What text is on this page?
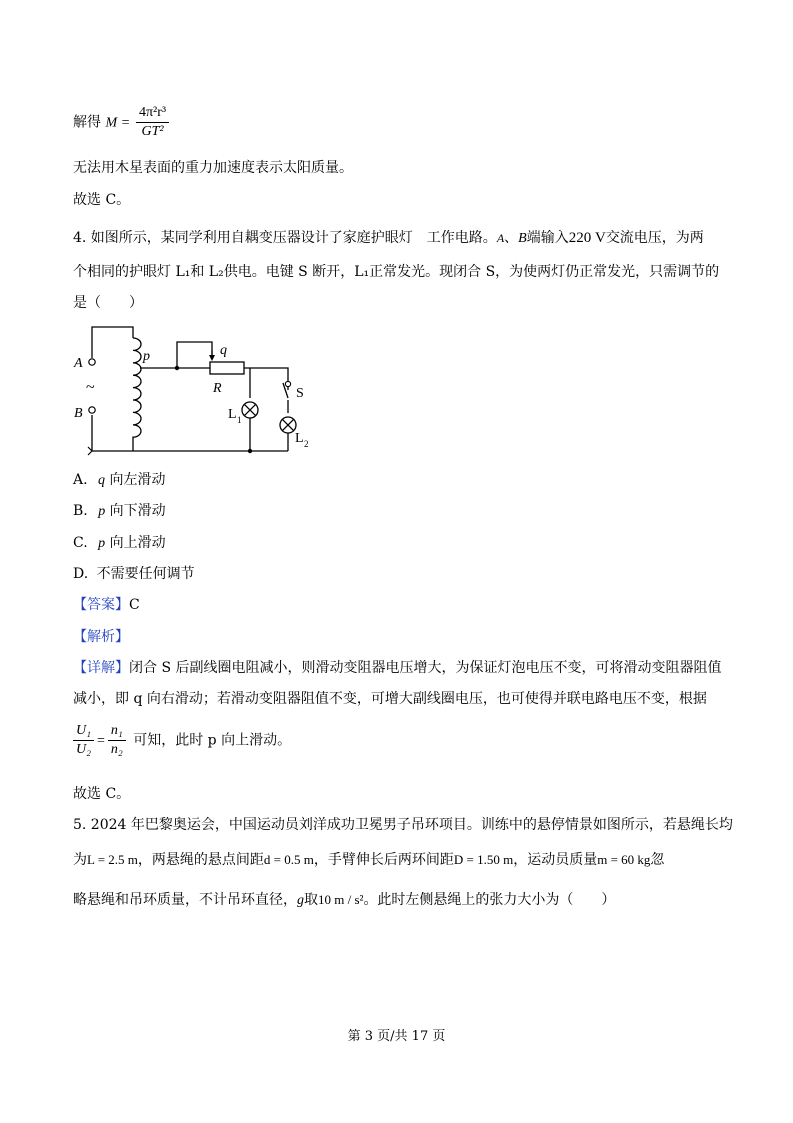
解得 $M = \frac{\text{4π²r³}}{\text{GT²}}$
无法用木星表面的重力加速度表示太阳质量。
故选 C。
4. 如图所示，某同学利用自耦变压器设计了家庭护眼灯　工作电路。A、B端输入220 V交流电压，为两
个相同的护眼灯 L₁和 L₂供电。电键 S 断开，L₁正常发光。现闭合 S，为使两灯仍正常发光，只需调节的
是（　　）
A
B
~
p	q
R	S
L 1
L 2
A. q 向左滑动
B. p 向下滑动
C. p 向上滑动
D. 不需要任何调节
【答案】C
【解析】
【详解】闭合 S 后副线圈电阻减小，则滑动变阻器电压增大，为保证灯泡电压不变，可将滑动变阻器阻值
减小，即 q 向右滑动；若滑动变阻器阻值不变，可增大副线圈电压，也可使得并联电路电压不变，根据
$\frac{\text{U₁}}{\text{U₂}} = \frac{\text{n₁}}{\text{n₂}}$ 可知，此时 p 向上滑动。
故选 C。
5. 2024 年巴黎奥运会，中国运动员刘洋成功卫冕男子吊环项目。训练中的悬停情景如图所示，若悬绳长均
为L = 2.5 m，两悬绳的悬点间距d = 0.5 m，手臂伸长后两环间距D = 1.50 m，运动员质量m = 60 kg忽
略悬绳和吊环质量，不计吊环直径，g取10 m / s²。此时左侧悬绳上的张力大小为（　　）
第 3 页/共 17 页
